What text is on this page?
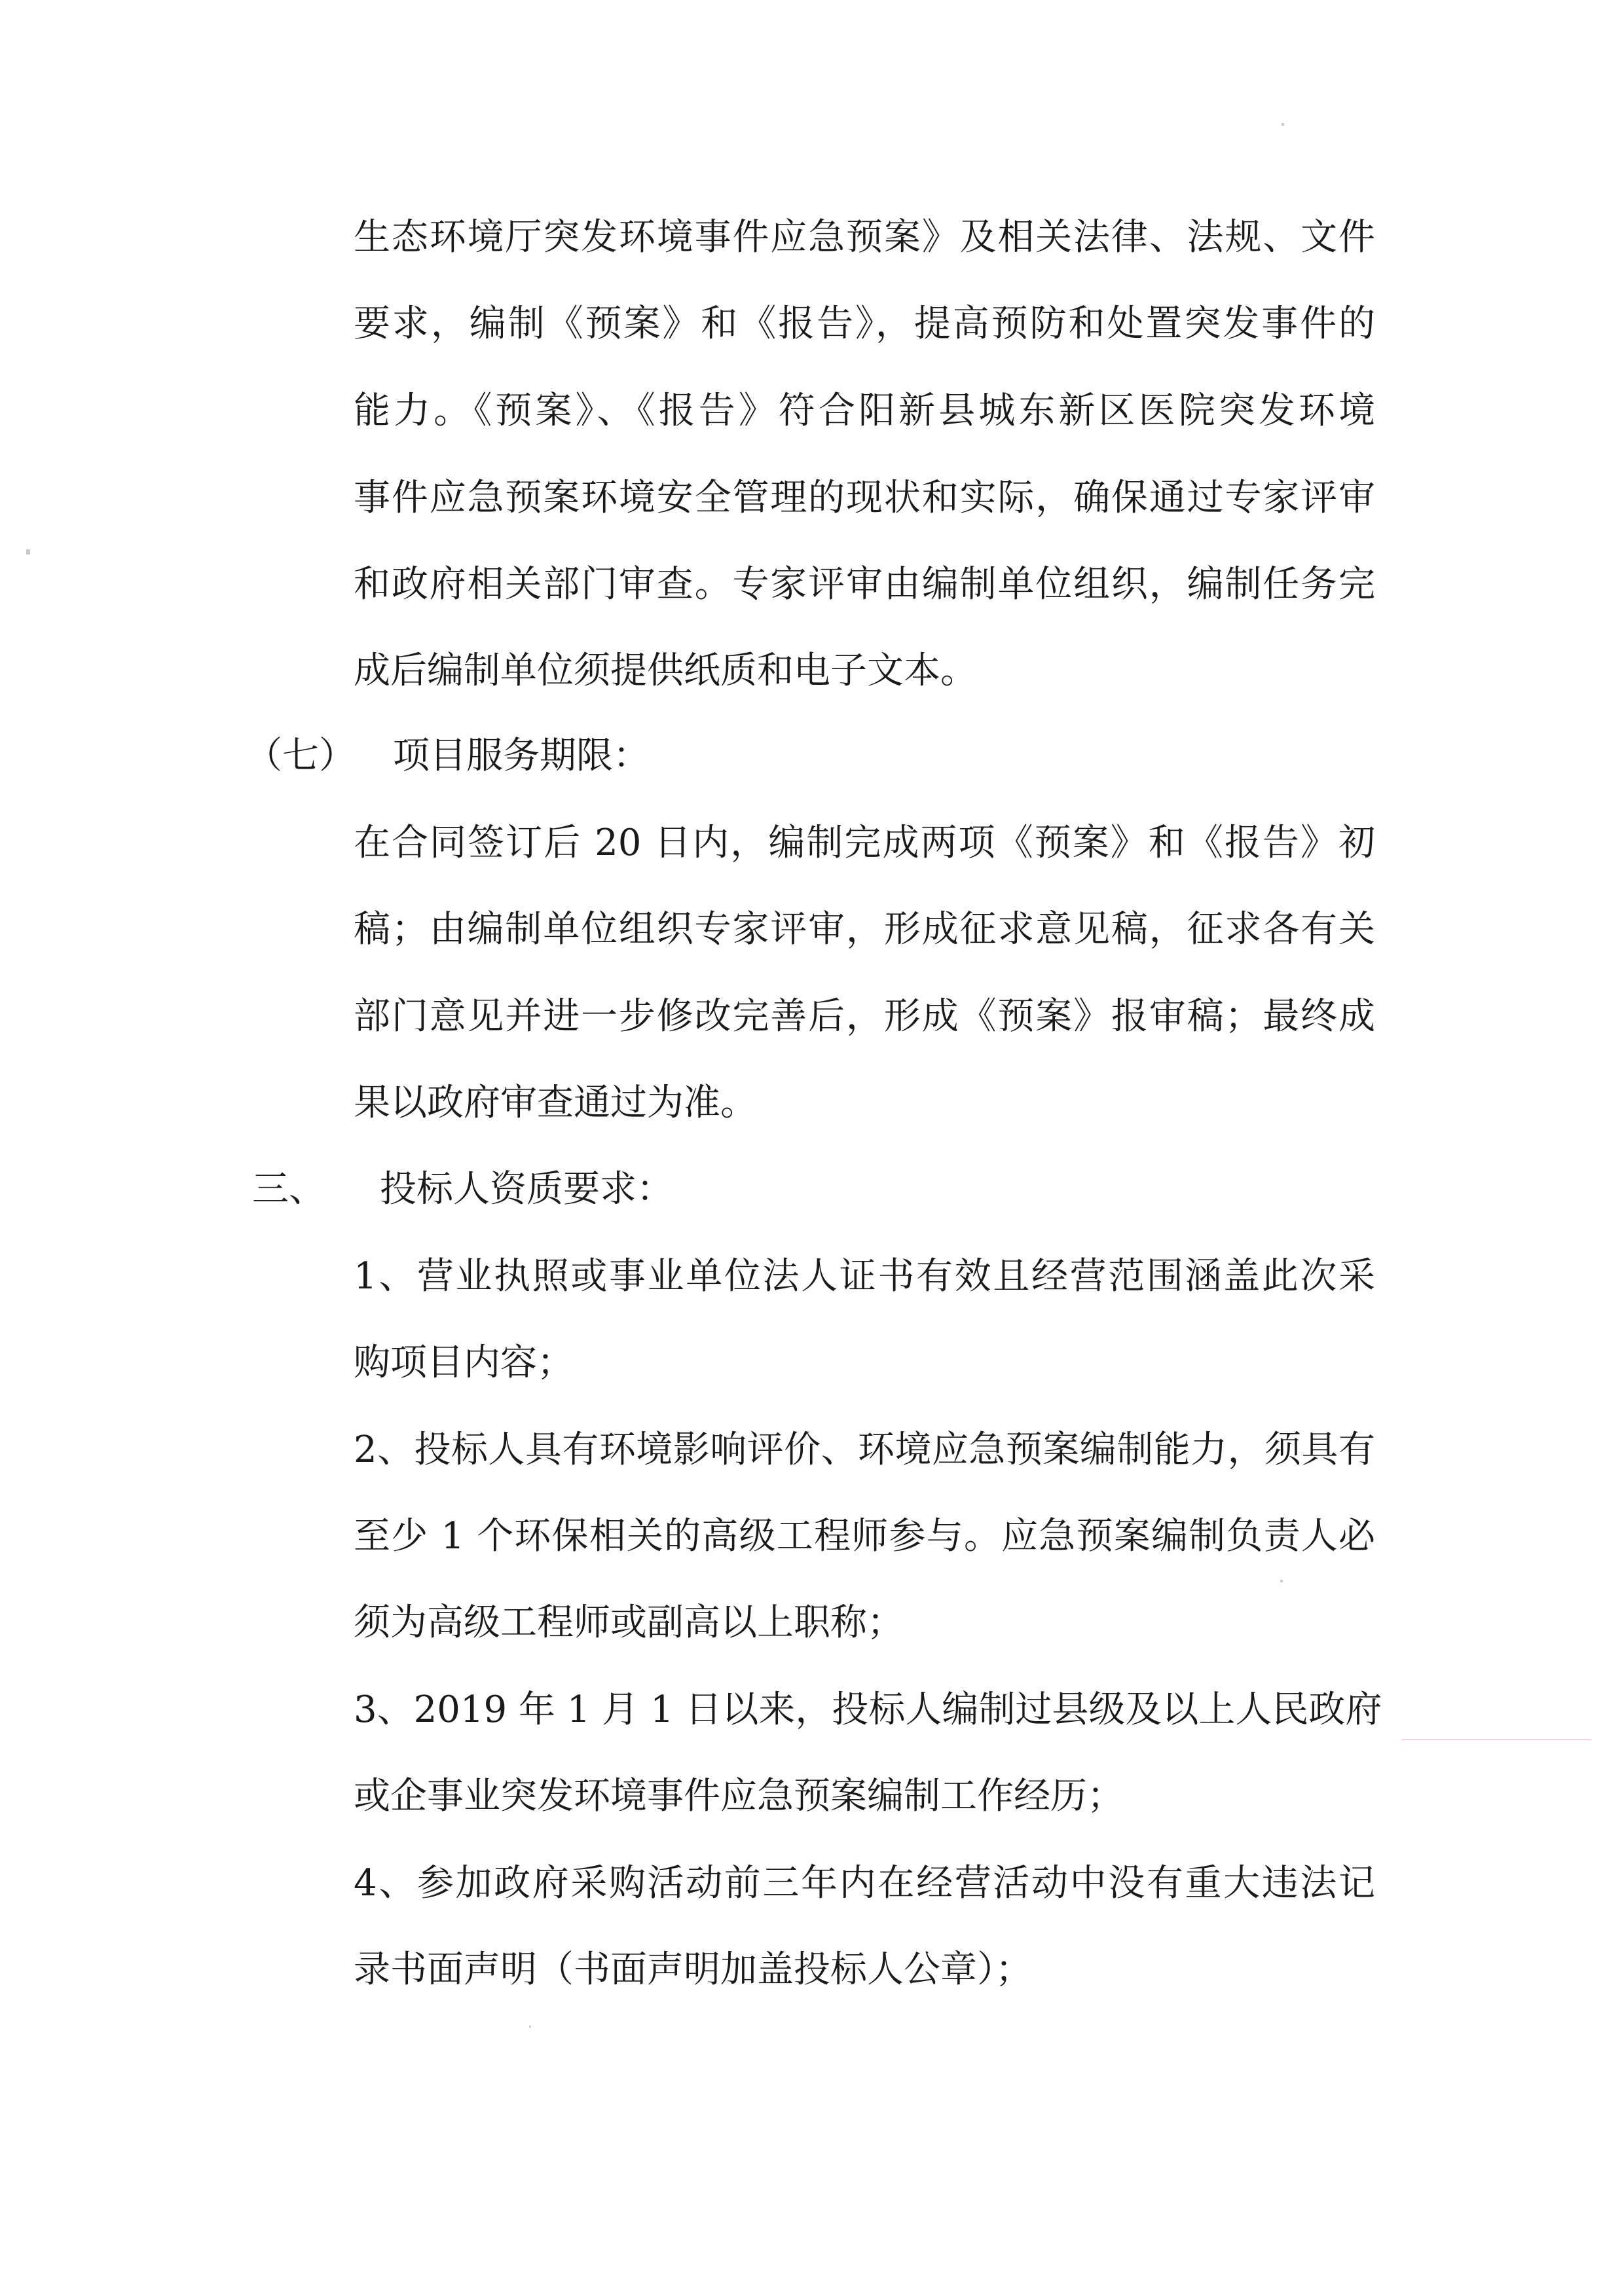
生态环境厅突发环境事件应急预案》及相关法律、法规、文件
要求，编制《预案》和《报告》，提高预防和处置突发事件的
能力。《预案》、《报告》符合阳新县城东新区医院突发环境
事件应急预案环境安全管理的现状和实际，确保通过专家评审
和政府相关部门审查。专家评审由编制单位组织，编制任务完
成后编制单位须提供纸质和电子文本。
（七） 项目服务期限：
在合同签订后 20 日内，编制完成两项《预案》和《报告》初
稿；由编制单位组织专家评审，形成征求意见稿，征求各有关
部门意见并进一步修改完善后，形成《预案》报审稿；最终成
果以政府审查通过为准。
三、 投标人资质要求：
1、营业执照或事业单位法人证书有效且经营范围涵盖此次采
购项目内容；
2、投标人具有环境影响评价、环境应急预案编制能力，须具有
至少 1 个环保相关的高级工程师参与。应急预案编制负责人必
须为高级工程师或副高以上职称；
3、2019 年 1 月 1 日以来，投标人编制过县级及以上人民政府
或企事业突发环境事件应急预案编制工作经历；
4、参加政府采购活动前三年内在经营活动中没有重大违法记
录书面声明（书面声明加盖投标人公章）；
